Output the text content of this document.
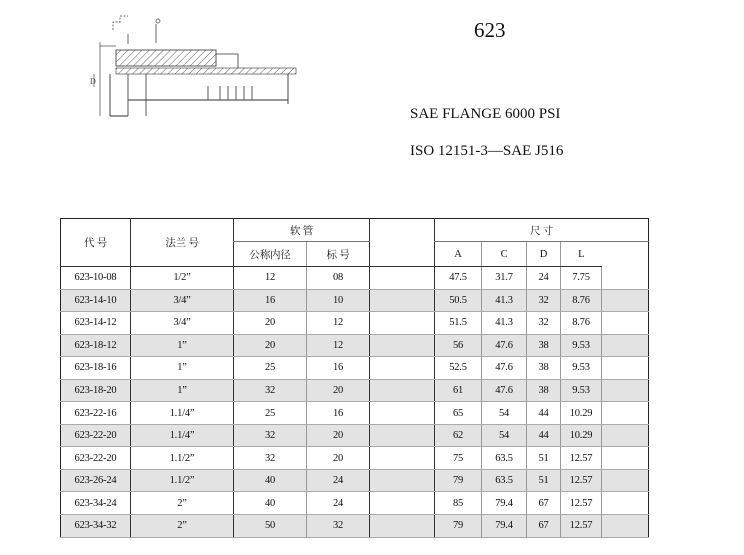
D
623
SAE FLANGE 6000 PSI
ISO 12151-3—SAE J516
代 号	法兰 号	软 管			尺 寸				
		公称内径	标 号		A	C	D	L	
623-10-08	1/2”	12	08		47.5	31.7	24	7.75	
623-14-10	3/4”	16	10		50.5	41.3	32	8.76	
623-14-12	3/4”	20	12		51.5	41.3	32	8.76	
623-18-12	1”	20	12		56	47.6	38	9.53	
623-18-16	1”	25	16		52.5	47.6	38	9.53	
623-18-20	1”	32	20		61	47.6	38	9.53	
623-22-16	1.1/4”	25	16		65	54	44	10.29	
623-22-20	1.1/4”	32	20		62	54	44	10.29	
623-22-20	1.1/2”	32	20		75	63.5	51	12.57	
623-26-24	1.1/2”	40	24		79	63.5	51	12.57	
623-34-24	2”	40	24		85	79.4	67	12.57	
623-34-32	2”	50	32		79	79.4	67	12.57	
